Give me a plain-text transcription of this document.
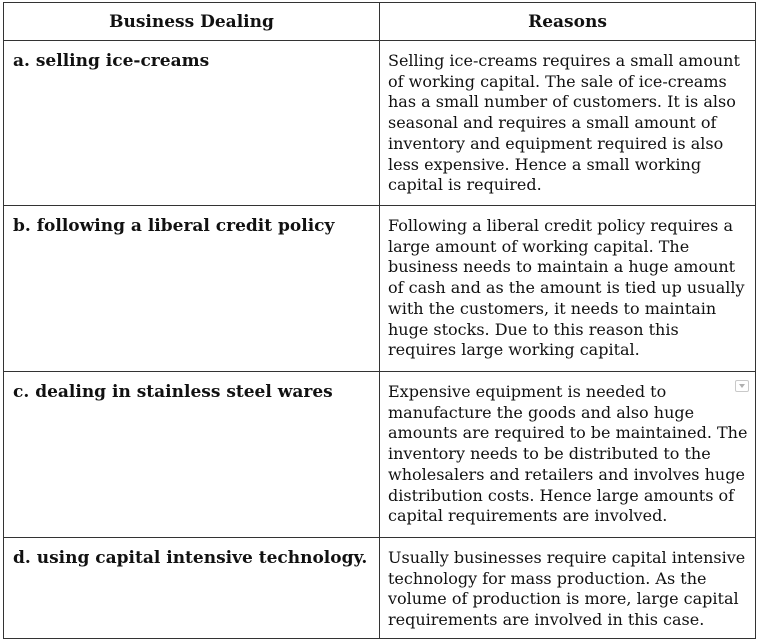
Business Dealing	Reasons
a. selling ice-creams	Selling ice-creams requires a small amount of working capital. The sale of ice-creams has a small number of customers. It is also seasonal and requires a small amount of inventory and equipment required is also less expensive. Hence a small working capital is required.
b. following a liberal credit policy	Following a liberal credit policy requires a large amount of working capital. The business needs to maintain a huge amount of cash and as the amount is tied up usually with the customers, it needs to maintain huge stocks. Due to this reason this requires large working capital.
c. dealing in stainless steel wares	Expensive equipment is needed to manufacture the goods and also huge amounts are required to be maintained. The inventory needs to be distributed to the wholesalers and retailers and involves huge distribution costs. Hence large amounts of capital requirements are involved.
d. using capital intensive technology.	Usually businesses require capital intensive technology for mass production. As the volume of production is more, large capital requirements are involved in this case.
